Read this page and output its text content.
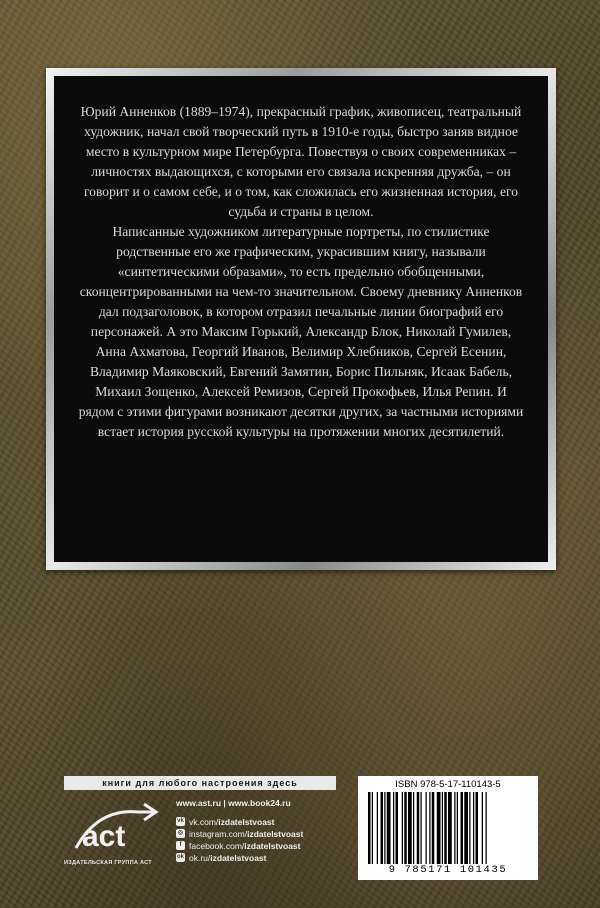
Юрий Анненков (1889–1974), прекрасный график, живописец, театральный художник, начал свой творческий путь в 1910-е годы, быстро заняв видное место в культурном мире Петербурга. Повествуя о своих современниках – личностях выдающихся, с которыми его связала искренняя дружба, – он говорит и о самом себе, и о том, как сложилась его жизненная история, его судьба и страны в целом.

Написанные художником литературные портреты, по стилистике родственные его же графическим, украсившим книгу, называли «синтетическими образами», то есть предельно обобщенными, сконцентрированными на чем-то значительном. Своему дневнику Анненков дал подзаголовок, в котором отразил печальные линии биографий его персонажей. А это Максим Горький, Александр Блок, Николай Гумилев, Анна Ахматова, Георгий Иванов, Велимир Хлебников, Сергей Есенин, Владимир Маяковский, Евгений Замятин, Борис Пильняк, Исаак Бабель, Михаил Зощенко, Алексей Ремизов, Сергей Прокофьев, Илья Репин. И рядом с этими фигурами возникают десятки других, за частными историями встает история русской культуры на протяжении многих десятилетий.

книги для любого настроения здесь
act
ИЗДАТЕЛЬСКАЯ ГРУППА АСТ
www.ast.ru | www.book24.ru
vk vk.com/ izdatelstvoast
◎ instagram.com/ izdatelstvoast
f facebook.com/ izdatelstvoast
ok ok.ru/ izdatelstvoast
ISBN 978-5-17-110143-5
9 785171 101435
